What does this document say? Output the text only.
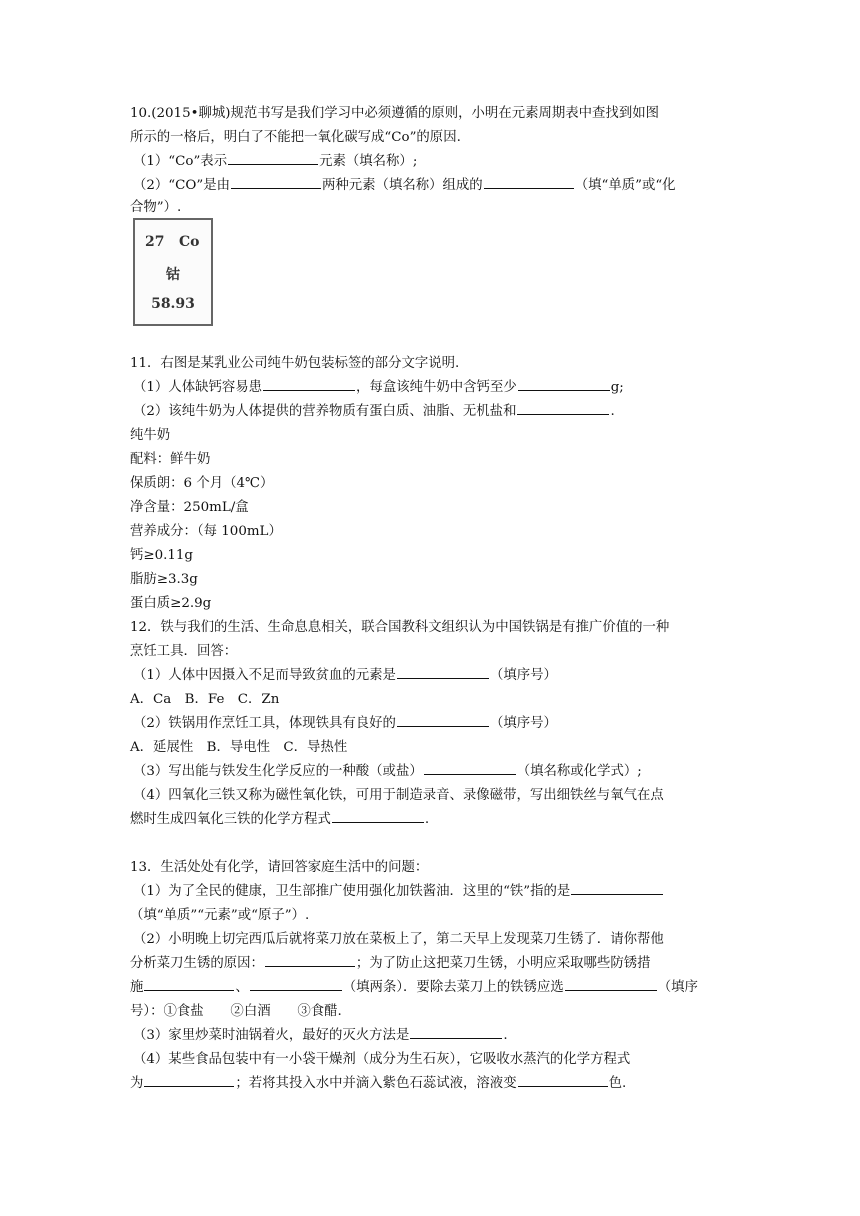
10.(2015•聊城)规范书写是我们学习中必须遵循的原则，小明在元素周期表中查找到如图
所示的一格后，明白了不能把一氧化碳写成“Co”的原因.
（1）“Co”表示	元素（填名称）;
（2）“CO”是由	两种元素（填名称）组成的	（填“单质”或“化
合物”）.
27 Co
钴
58.93
11．右图是某乳业公司纯牛奶包装标签的部分文字说明.
（1）人体缺钙容易患	，每盒该纯牛奶中含钙至少	g;
（2）该纯牛奶为人体提供的营养物质有蛋白质、油脂、无机盐和	.
纯牛奶
配料：鲜牛奶
保质朗：6 个月（4℃）
净含量：250mL/盒
营养成分：（每 100mL）
钙≥0.11g
脂肪≥3.3g
蛋白质≥2.9g
12．铁与我们的生活、生命息息相关，联合国教科文组织认为中国铁锅是有推广价值的一种
烹饪工具．回答：
（1）人体中因摄入不足而导致贫血的元素是	（填序号）
A．Ca　B．Fe　C．Zn
（2）铁锅用作烹饪工具，体现铁具有良好的	（填序号）
A．延展性　B．导电性　C．导热性
（3）写出能与铁发生化学反应的一种酸（或盐）	（填名称或化学式）;
（4）四氧化三铁又称为磁性氧化铁，可用于制造录音、录像磁带，写出细铁丝与氧气在点
燃时生成四氧化三铁的化学方程式	.
13．生活处处有化学，请回答家庭生活中的问题：
（1）为了全民的健康，卫生部推广使用强化加铁酱油．这里的“铁”指的是
（填“单质”“元素”或“原子”）.
（2）小明晚上切完西瓜后就将菜刀放在菜板上了，第二天早上发现菜刀生锈了．请你帮他
分析菜刀生锈的原因：	；为了防止这把菜刀生锈，小明应采取哪些防锈措
施	、	（填两条）．要除去菜刀上的铁锈应选	（填序
号）：①食盐　　②白酒　　③食醋.
（3）家里炒菜时油锅着火，最好的灭火方法是	.
（4）某些食品包装中有一小袋干燥剂（成分为生石灰），它吸收水蒸汽的化学方程式
为	；若将其投入水中并滴入紫色石蕊试液，溶液变	色.
